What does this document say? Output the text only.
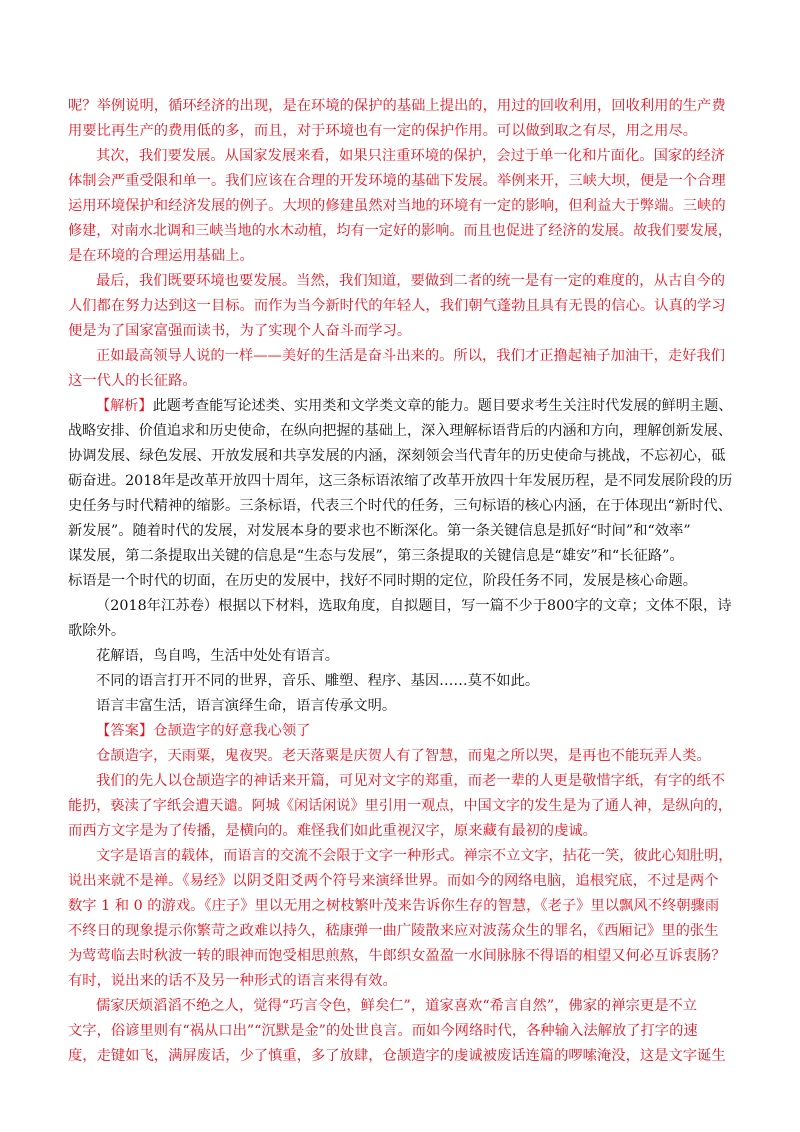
呢？举例说明，循环经济的出现，是在环境的保护的基础上提出的，用过的回收利用，回收利用的生产费
用要比再生产的费用低的多，而且，对于环境也有一定的保护作用。可以做到取之有尽，用之用尽。
其次，我们要发展。从国家发展来看，如果只注重环境的保护，会过于单一化和片面化。国家的经济
体制会严重受限和单一。我们应该在合理的开发环境的基础下发展。举例来开，三峡大坝，便是一个合理
运用环境保护和经济发展的例子。大坝的修建虽然对当地的环境有一定的影响，但利益大于弊端。三峡的
修建，对南水北调和三峡当地的水木动植，均有一定好的影响。而且也促进了经济的发展。故我们要发展，
是在环境的合理运用基础上。
最后，我们既要环境也要发展。当然，我们知道，要做到二者的统一是有一定的难度的，从古自今的
人们都在努力达到这一目标。而作为当今新时代的年轻人，我们朝气蓬勃且具有无畏的信心。认真的学习
便是为了国家富强而读书，为了实现个人奋斗而学习。
正如最高领导人说的一样——美好的生活是奋斗出来的。所以，我们才正撸起袖子加油干，走好我们
这一代人的长征路。
【解析】此题考查能写论述类、实用类和文学类文章的能力。题目要求考生关注时代发展的鲜明主题、
战略安排、价值追求和历史使命，在纵向把握的基础上，深入理解标语背后的内涵和方向，理解创新发展、
协调发展、绿色发展、开放发展和共享发展的内涵，深刻领会当代青年的历史使命与挑战，不忘初心，砥
砺奋进。2018年是改革开放四十周年，这三条标语浓缩了改革开放四十年发展历程，是不同发展阶段的历
史任务与时代精神的缩影。三条标语，代表三个时代的任务，三句标语的核心内涵，在于体现出“新时代、
新发展”。随着时代的发展，对发展本身的要求也不断深化。第一条关键信息是抓好“时间”和“效率”
谋发展，第二条提取出关键的信息是“生态与发展”，第三条提取的关键信息是“雄安”和“长征路”。
标语是一个时代的切面，在历史的发展中，找好不同时期的定位，阶段任务不同，发展是核心命题。
（2018年江苏卷）根据以下材料，选取角度，自拟题目，写一篇不少于800字的文章；文体不限，诗
歌除外。
花解语，鸟自鸣，生活中处处有语言。
不同的语言打开不同的世界，音乐、雕塑、程序、基因……莫不如此。
语言丰富生活，语言演绎生命，语言传承文明。
【答案】仓颉造字的好意我心领了
仓颉造字，天雨粟，鬼夜哭。老天落粟是庆贺人有了智慧，而鬼之所以哭，是再也不能玩弄人类。
我们的先人以仓颉造字的神话来开篇，可见对文字的郑重，而老一辈的人更是敬惜字纸，有字的纸不
能扔，亵渎了字纸会遭天谴。阿城《闲话闲说》里引用一观点，中国文字的发生是为了通人神，是纵向的，
而西方文字是为了传播，是横向的。难怪我们如此重视汉字，原来藏有最初的虔诚。
文字是语言的载体，而语言的交流不会限于文字一种形式。禅宗不立文字，拈花一笑，彼此心知肚明，
说出来就不是禅。《易经》以阴爻阳爻两个符号来演绎世界。而如今的网络电脑，追根究底，不过是两个
数字 1 和 0 的游戏。《庄子》里以无用之树枝繁叶茂来告诉你生存的智慧，《老子》里以飘风不终朝骤雨
不终日的现象提示你繁苛之政难以持久，嵇康弹一曲广陵散来应对波荡众生的罪名，《西厢记》里的张生
为莺莺临去时秋波一转的眼神而饱受相思煎熬，牛郎织女盈盈一水间脉脉不得语的相望又何必互诉衷肠？
有时，说出来的话不及另一种形式的语言来得有效。
儒家厌烦滔滔不绝之人，觉得“巧言令色，鲜矣仁”，道家喜欢“希言自然”，佛家的禅宗更是不立
文字，俗谚里则有“祸从口出”“沉默是金”的处世良言。而如今网络时代，各种输入法解放了打字的速
度，走键如飞，满屏废话，少了慎重，多了放肆，仓颉造字的虔诚被废话连篇的啰嗦淹没，这是文字诞生
